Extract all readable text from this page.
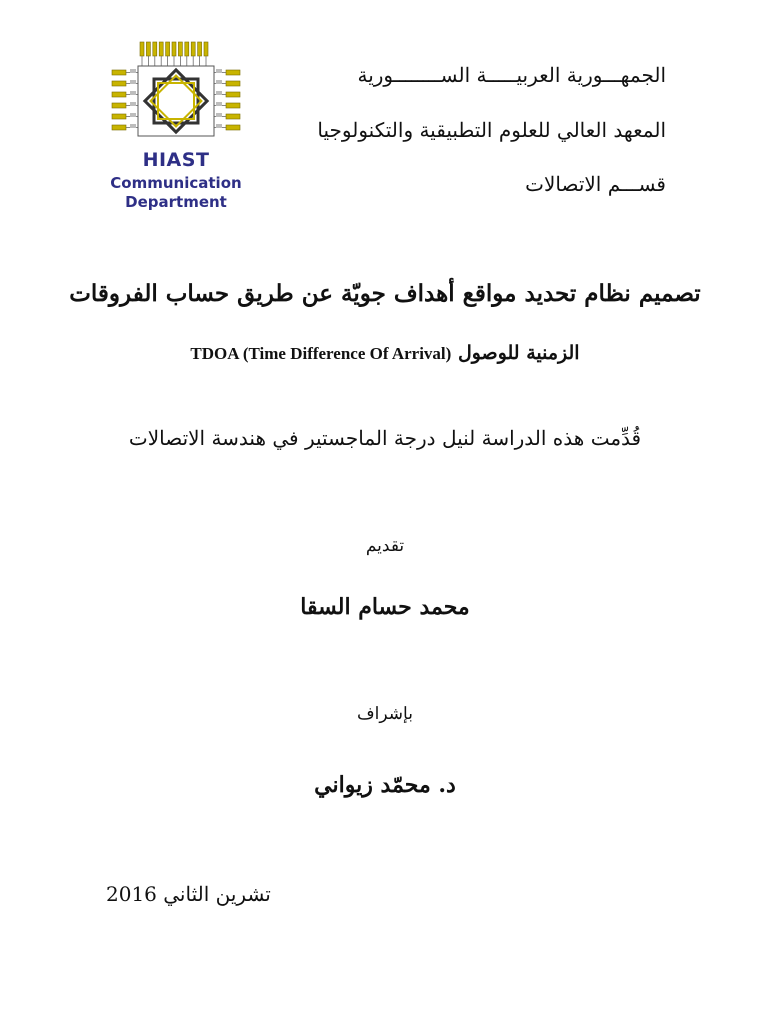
HIAST
Communication
Department
الجمهـــورية العربيـــــة الســــــــورية
المعهد العالي للعلوم التطبيقية والتكنولوجيا
قســـم الاتصالات
تصميم نظام تحديد مواقع أهداف جويّة عن طريق حساب الفروقات
الزمنية للوصول TDOA (Time Difference Of Arrival)
قُدِّمت هذه الدراسة لنيل درجة الماجستير في هندسة الاتصالات
تقديم
محمد حسام السقا
بإشراف
د. محمّد زيواني
تشرين الثاني 2016
